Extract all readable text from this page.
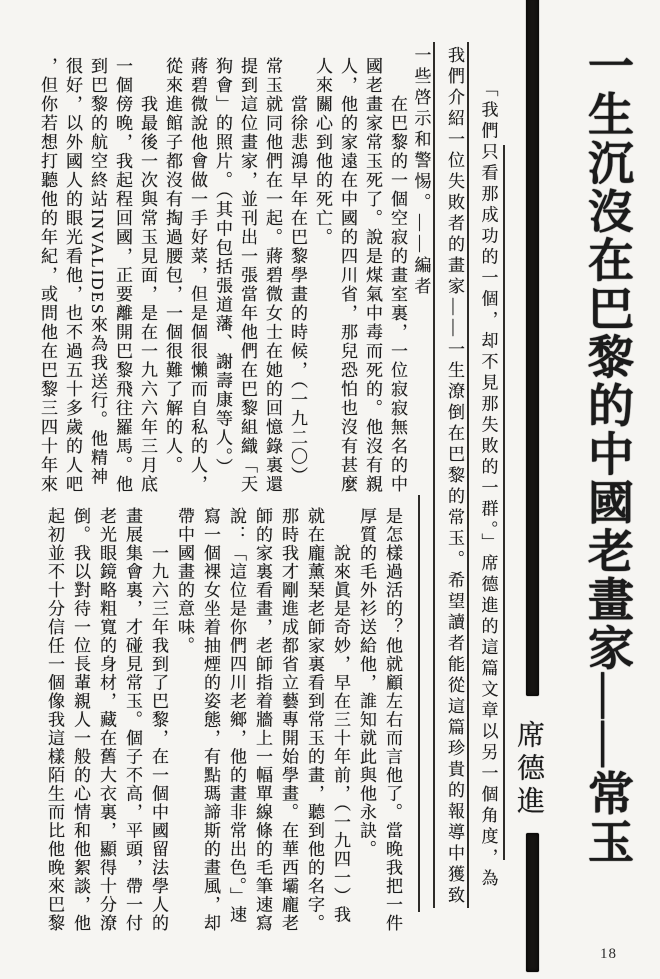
一生沉沒在巴黎的中國老畫家——常玉
席德進
　　「我們只看那成功的一個，却不見那失敗的一群。」席德進的這篇文章以另一個角度，為
我們介紹一位失敗者的畫家——一生潦倒在巴黎的常玉。希望讀者能從這篇珍貴的報導中獲致
一些啓示和警惕。——編者
　　在巴黎的一個空寂的畫室裏，一位寂寂無名的中
國老畫家常玉死了。說是煤氣中毒而死的。他沒有親
人，他的家遠在中國的四川省，那兒恐怕也沒有甚麼
人來關心到他的死亡。
　　當徐悲鴻早年在巴黎學畫的時候，（一九二〇）
常玉就同他們在一起。蔣碧微女士在她的回憶錄裏還
提到這位畫家，並刊出一張當年他們在巴黎組織「天
狗會」的照片。（其中包括張道藩、謝壽康等人。）
蔣碧微說他會做一手好菜，但是個很懶而自私的人，
從來進館子都沒有掏過腰包，一個很難了解的人。
　　我最後一次與常玉見面，是在一九六六年三月底
一個傍晚，我起程回國，正要離開巴黎飛往羅馬。他
到巴黎的航空終站INVALIDES來為我送行。他精神
很好，以外國人的眼光看他，也不過五十多歲的人吧
，但你若想打聽他的年紀，或問他在巴黎三四十年來
是怎樣過活的？他就顧左右而言他了。當晚我把一件
厚質的毛外衫送給他，誰知就此與他永訣。
　　說來眞是奇妙，早在三十年前，（一九四一）我
就在龐薰琹老師家裏看到常玉的畫，聽到他的名字。
那時我才剛進成都省立藝專開始學畫。在華西壩龐老
師的家裏看畫，老師指着牆上一幅單線條的毛筆速寫
說：「這位是你們四川老鄉，他的畫非常出色。」速
寫一個裸女坐着抽煙的姿態，有點瑪諦斯的畫風，却
帶中國畫的意味。
　　一九六三年我到了巴黎，在一個中國留法學人的
畫展集會裏，才碰見常玉。個子不高，平頭，帶一付
老光眼鏡略粗寬的身材，藏在舊大衣裏，顯得十分潦
倒。我以對待一位長輩親人一般的心情和他絮談，他
起初並不十分信任一個像我這樣陌生而比他晚來巴黎
18
